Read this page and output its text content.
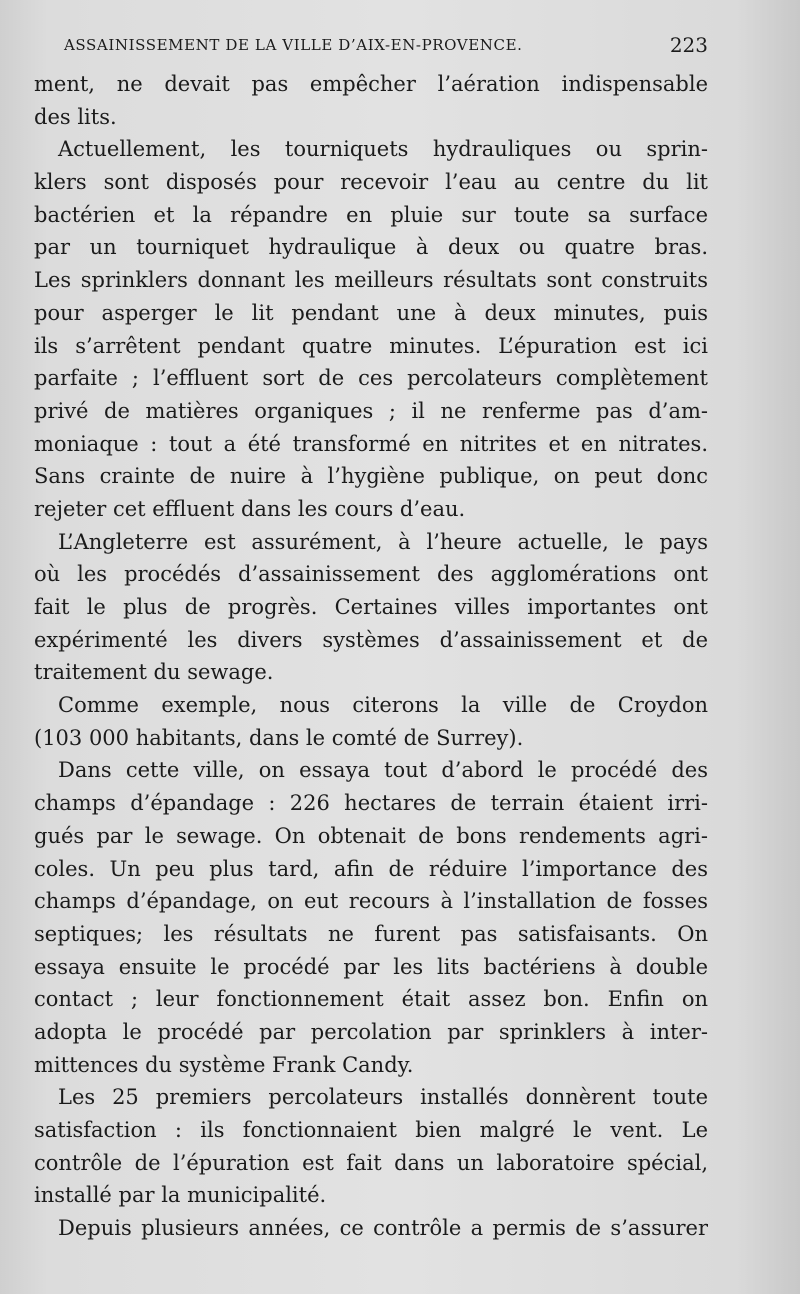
ASSAINISSEMENT DE LA VILLE D’AIX-EN-PROVENCE.	223
ment, ne devait pas empêcher l’aération indispensable
des lits.
Actuellement, les tourniquets hydrauliques ou sprin-
klers sont disposés pour recevoir l’eau au centre du lit
bactérien et la répandre en pluie sur toute sa surface
par un tourniquet hydraulique à deux ou quatre bras.
Les sprinklers donnant les meilleurs résultats sont construits
pour asperger le lit pendant une à deux minutes, puis
ils s’arrêtent pendant quatre minutes. L’épuration est ici
parfaite ; l’effluent sort de ces percolateurs complètement
privé de matières organiques ; il ne renferme pas d’am-
moniaque : tout a été transformé en nitrites et en nitrates.
Sans crainte de nuire à l’hygiène publique, on peut donc
rejeter cet effluent dans les cours d’eau.
L’Angleterre est assurément, à l’heure actuelle, le pays
où les procédés d’assainissement des agglomérations ont
fait le plus de progrès. Certaines villes importantes ont
expérimenté les divers systèmes d’assainissement et de
traitement du sewage.
Comme exemple, nous citerons la ville de Croydon
(103 000 habitants, dans le comté de Surrey).
Dans cette ville, on essaya tout d’abord le procédé des
champs d’épandage : 226 hectares de terrain étaient irri-
gués par le sewage. On obtenait de bons rendements agri-
coles. Un peu plus tard, afin de réduire l’importance des
champs d’épandage, on eut recours à l’installation de fosses
septiques; les résultats ne furent pas satisfaisants. On
essaya ensuite le procédé par les lits bactériens à double
contact ; leur fonctionnement était assez bon. Enfin on
adopta le procédé par percolation par sprinklers à inter-
mittences du système Frank Candy.
Les 25 premiers percolateurs installés donnèrent toute
satisfaction : ils fonctionnaient bien malgré le vent. Le
contrôle de l’épuration est fait dans un laboratoire spécial,
installé par la municipalité.
Depuis plusieurs années, ce contrôle a permis de s’assurer
